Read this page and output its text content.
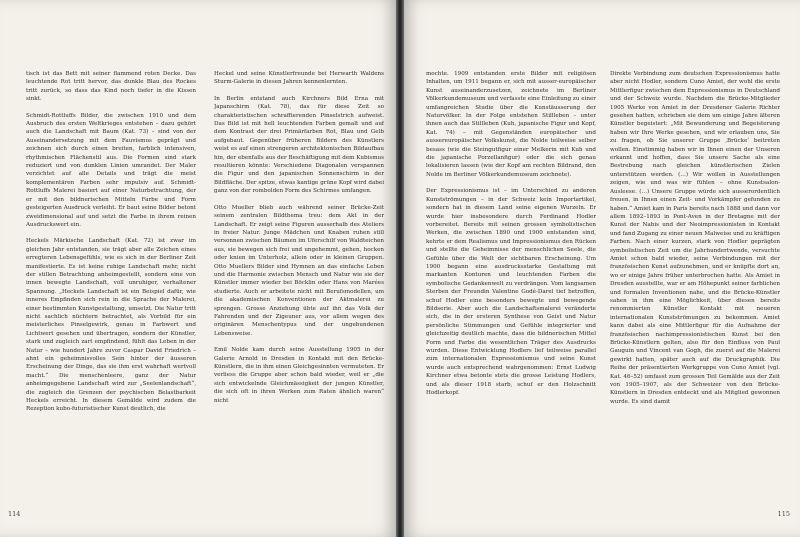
tisch ist das Bett mit seiner flammend roten Decke. Das leuchtende Rot tritt hervor, das dunkle Blau des Rockes tritt zurück, so dass das Kind noch tiefer in die Kissen sinkt.

Schmidt-Rottluffs Bilder, die zwischen 1910 und dem Ausbruch des ersten Weltkrieges entstehen – dazu gehört auch die Landschaft mit Baum (Kat. 73) – sind von der Auseinandersetzung mit dem Fauvismus geprägt und zeichnen sich durch einen breiten, farblich intensiven, rhythmischen Flächenstil aus. Die Formen sind stark reduziert und von dunklen Linien umrandet. Der Maler verzichtet auf alle Details und trägt die meist komplementären Farben sehr impulsiv auf. Schmidt-Rottluffs Malerei basiert auf einer Naturbetrachtung, der er mit den bildnerischen Mitteln Farbe und Form gesteigerten Ausdruck verleiht. Er baut seine Bilder betont zweidimensional auf und setzt die Farbe in ihrem reinen Ausdruckswert ein.

Heckels Märkische Landschaft (Kat. 72) ist zwar im gleichen Jahr entstanden, sie trägt aber alle Zeichen eines erregteren Lebensgefühls, wie es sich in der Berliner Zeit manifestierte. Es ist keine ruhige Landschaft mehr, nicht der stillen Betrachtung anheimgestellt, sondern eine von innen bewegte Landschaft, voll unruhiger, verhaltener Spannung. „Heckels Landschaft ist ein Beispiel dafür, wie inneres Empfinden sich rein in die Sprache der Malerei, einer bestimmten Kunstgestaltung, umsetzt. Die Natur tritt nicht sachlich nüchtern betrachtet, als Vorbild für ein meisterliches Pinselgewirk, genau in Farbwert und Lichtwert gesehen und übertragen, sondern der Künstler, stark und zugleich zart empfindend, fühlt das Leben in der Natur – wie hundert Jahre zuvor Caspar David Friedrich – ahnt ein geheimnisvolles Sein hinter der äusseren Erscheinung der Dinge, das sie ihm erst wahrhaft wertvoll macht.“ Die menschenleere, ganz der Natur anheimgegebene Landschaft wird zur „Seelenlandschaft“, die zugleich die Grenzen der psychischen Belastbarkeit Heckels erreicht. In diesem Gemälde wird zudem die Rezeption kubo-futuristischer Kunst deutlich, die

Heckel und seine Künstlerfreunde bei Herwarth Waldens Sturm-Galerie in diesen Jahren kennenlernten.

In Berlin entstand auch Kirchners Bild Erna mit Japanschirm (Kat. 78), das für diese Zeit so charakteristischen schraffierenden Pinselstrich aufweist. Das Bild ist mit hell leuchtenden Farben gemalt und auf dem Kontrast der drei Primärfarben Rot, Blau und Gelb aufgebaut. Gegenüber früheren Bildern des Künstlers weist es auf einen strengeren architektonischen Bildaufbau hin, der ebenfalls aus der Beschäftigung mit dem Kubismus resultieren könnte: Verschiedene Diagonalen verspannen die Figur und den japanischen Sonnenschirm in der Bildfläche. Der spitze, etwas kantige grüne Kopf wird dabei ganz von der rombolden Form des Schirmes umfangen.

Otto Mueller blieb auch während seiner Brücke-Zeit seinem zentralen Bildthema treu: dem Akt in der Landschaft. Er zeigt seine Figuren ausserhalb des Ateliers in freier Natur. Junge Mädchen und Knaben ruhen still versonnen zwischen Bäumen im Uferschilf von Waldteichen aus, sie bewegen sich frei und ungehemmt, gehen, hocken oder knien im Unterholz, allein oder in kleinen Gruppen. Otto Muellers Bilder sind Hymnen an das einfache Leben und die Harmonie zwischen Mensch und Natur wie sie der Künstler immer wieder bei Böcklin oder Hans von Marées studierte. Auch er arbeitete nicht mit Berufsmodellen, um die akademischen Konventionen der Aktmalerei zu sprengen. Grosse Anziehung übte auf ihn das Volk der Fahrenden und der Zigeuner aus, vor allem wegen des originären Menschentypus und der ungebundenen Lebensweise.

Emil Nolde kam durch seine Ausstellung 1905 in der Galerie Arnold in Dresden in Kontakt mit den Brücke-Künstlern, die in ihm einen Gleichgesinnten vermuteten. Er verliess die Gruppe aber schon bald wieder, weil er „die sich entwickelnde Gleichmässigkeit der jungen Künstler, die sich oft in ihren Werken zum Raten ähnlich waren“ nicht

114

mochte. 1909 entstanden erste Bilder mit religiösen Inhalten, um 1911 begann er, sich mit ausser-europäischer Kunst auseinanderzusetzen, zeichnete im Berliner Völkerkundemuseum und verfasste eine Einleitung zu einer umfangreichen Studie über die Kunstäusserung der Naturvölker. In der Folge entstehen Stillleben – unter ihnen auch das Stillleben (Kuh, japanische Figur und Kopf, Kat. 74) – mit Gegenständen europäischer und aussereuropäischer Volkskunst, die Nolde teilweise selber besass (wie die Steingutfigur einer Melkerin mit Kuh und die japanische Porzellanfigur) oder die sich genau lokalisieren lassen (wie der Kopf am rechten Bildrand, den Nolde im Berliner Völkerkundemuseum zeichnete).

Der Expressionismus ist – im Unterschied zu anderen Kunstströmungen – in der Schweiz kein Importartikel, sondern hat in diesem Land seine eigenen Wurzeln. Er wurde hier insbesondere durch Ferdinand Hodler vorbereitet. Bereits mit seinen grossen symbolistischen Werken, die zwischen 1890 und 1900 entstanden sind, kehrte er dem Realismus und Impressionismus den Rücken und stellte die Geheimnisse der menschlichen Seele, die Gefühle über die Welt der sichtbaren Erscheinung. Um 1900 begann eine ausdrucksstarke Gestaltung mit markanten Konturen und leuchtenden Farben die symbolische Gedankenwelt zu verdrängen. Vom langsamen Sterben der Freundin Valentine Godé-Darel tief betroffen, schuf Hodler eine besonders bewegte und bewegende Bildserie. Aber auch die Landschaftsmalerei veränderte sich, die in der ersteren Synthese von Geist und Natur persönliche Stimmungen und Gefühle integrierter und gleichzeitig deutlich machte, dass die bildnerischen Mittel Form und Farbe die wesentlichen Träger des Ausdrucks wurden. Diese Entwicklung Hodlers lief teilweise parallel zum internationalen Expressionismus und seine Kunst wurde auch entsprechend wahrgenommen: Ernst Ludwig Kirchner etwa betonte stets die grosse Leistung Hodlers, und als dieser 1918 starb, schuf er den Holzschnitt Hodlerkopf.

Direkte Verbindung zum deutschen Expressionismus hatte aber nicht Hodler, sondern Cuno Amiet, der wohl die erste Mittlerfigur zwischen dem Expressionismus in Deutschland und der Schweiz wurde. Nachdem die Brücke-Mitglieder 1905 Werke von Amiet in der Dresdener Galerie Richter gesehen hatten, schrieben sie dem um einige Jahre älteren Künstler begeistert: „Mit Bewunderung und Begeisterung haben wir Ihre Werke gesehen, und wir erlauben uns, Sie zu fragen, ob Sie unserer Gruppe ‚Brücke‘ beitreten wollen. Einstimmig haben wir in Ihnen einen der Unseren erkannt und hoffen, dass Sie unsere Sache als eine Bestrebung nach gleichen künstlerischen Zielen unterstützen werden. (…) Wir wollen in Ausstellungen zeigen, wie und was wir fühlen – ohne Kunstsalon-Ausleese. (…) Unsere Gruppe würde sich ausserordentlich freuen, in Ihnen einen Zeit- und Vorkämpfer gefunden zu haben.“ Amiet kam in Paris bereits nach 1888 und dann vor allem 1892–1893 in Pont-Aven in der Bretagne mit der Kunst der Nabis und der Neoimpressionisten in Kontakt und fand Zugang zu einer neuen Malweise und zu kräftigen Farben. Nach einer kurzen, stark von Hodler geprägten symbolistischen Zeit um die Jahrhundertwende, versuchte Amiet schon bald wieder, seine Verbindungen mit der französischen Kunst aufzunehmen, und er knüpfte dort an, wo er einige Jahre früher unterbrochen hatte. Als Amiet in Dresden ausstellte, war er am Höhepunkt seiner farblichen und formalen Inventionen nahe, und die Brücke-Künstler sahen in ihm eine Möglichkeit, über diesen bereits renommierten Künstler Kontakt mit neueren internationalen Kunstströmungen zu bekommen. Amiet kann dabei als eine Mittlerfigur für die Aufnahme der französischen nachimpressionistischen Kunst bei den Brücke-Künstlern gelten, also für den Einfluss von Paul Gauguin und Vincent van Gogh, die zuerst auf die Malerei gewirkt hatten, später auch auf die Druckgraphik. Die Reihe der präsentierten Werkgruppe von Cuno Amiet (vgl. Kat. 46–52) umfasst zum grossen Teil Gemälde aus der Zeit von 1905–1907, als der Schweizer von den Brücke-Künstlern in Dresden entdeckt und als Mitglied gewonnen wurde. Es sind damit

115
